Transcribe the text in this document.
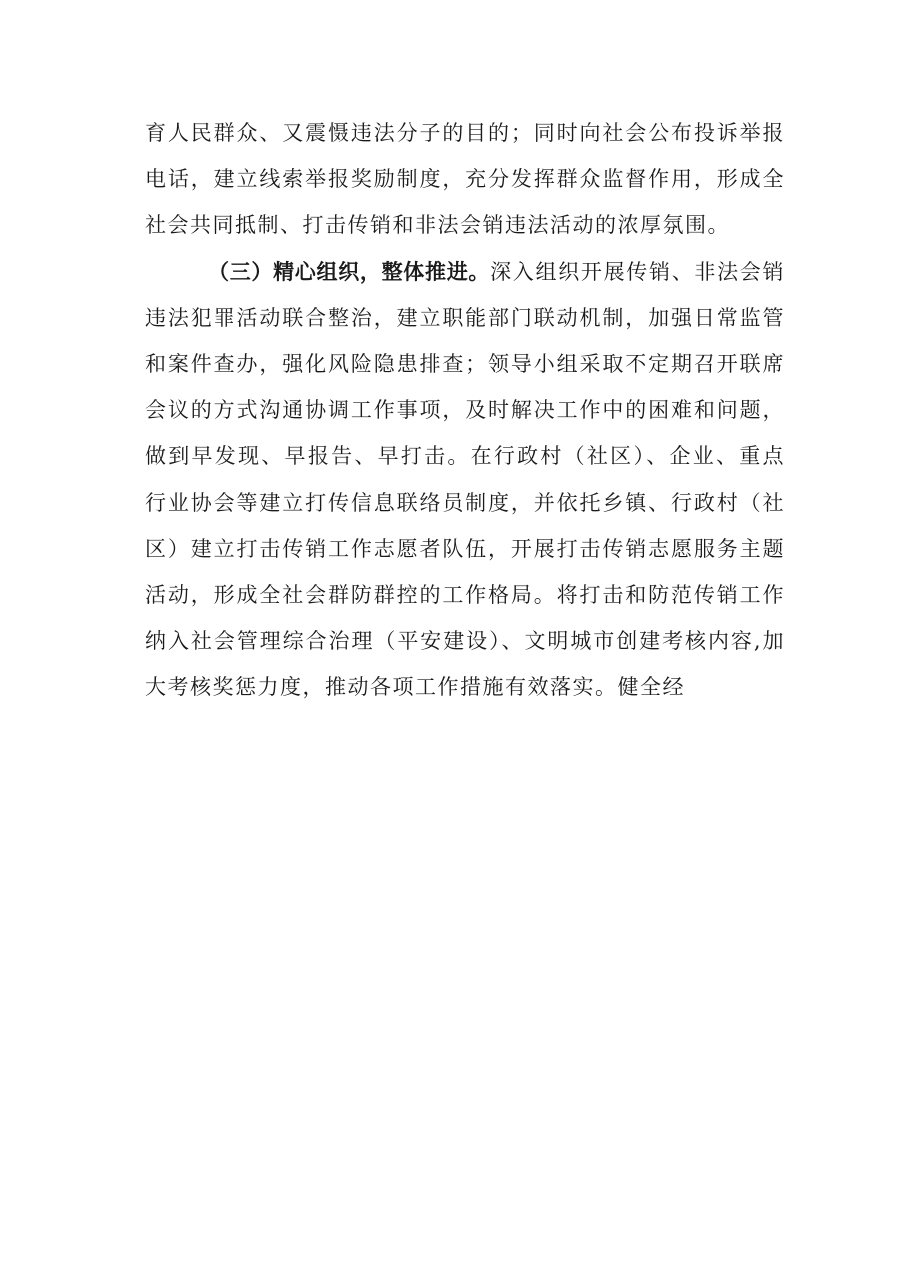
育人民群众、又震慑违法分子的目的；同时向社会公布投诉举报
电话，建立线索举报奖励制度，充分发挥群众监督作用，形成全
社会共同抵制、打击传销和非法会销违法活动的浓厚氛围。
（三）精心组织，整体推进。深入组织开展传销、非法会销
违法犯罪活动联合整治，建立职能部门联动机制，加强日常监管
和案件查办，强化风险隐患排查；领导小组采取不定期召开联席
会议的方式沟通协调工作事项，及时解决工作中的困难和问题，
做到早发现、早报告、早打击。在行政村（社区）、企业、重点
行业协会等建立打传信息联络员制度，并依托乡镇、行政村（社
区）建立打击传销工作志愿者队伍，开展打击传销志愿服务主题
活动，形成全社会群防群控的工作格局。将打击和防范传销工作
纳入社会管理综合治理（平安建设）、文明城市创建考核内容,加
大考核奖惩力度，推动各项工作措施有效落实。健全经
